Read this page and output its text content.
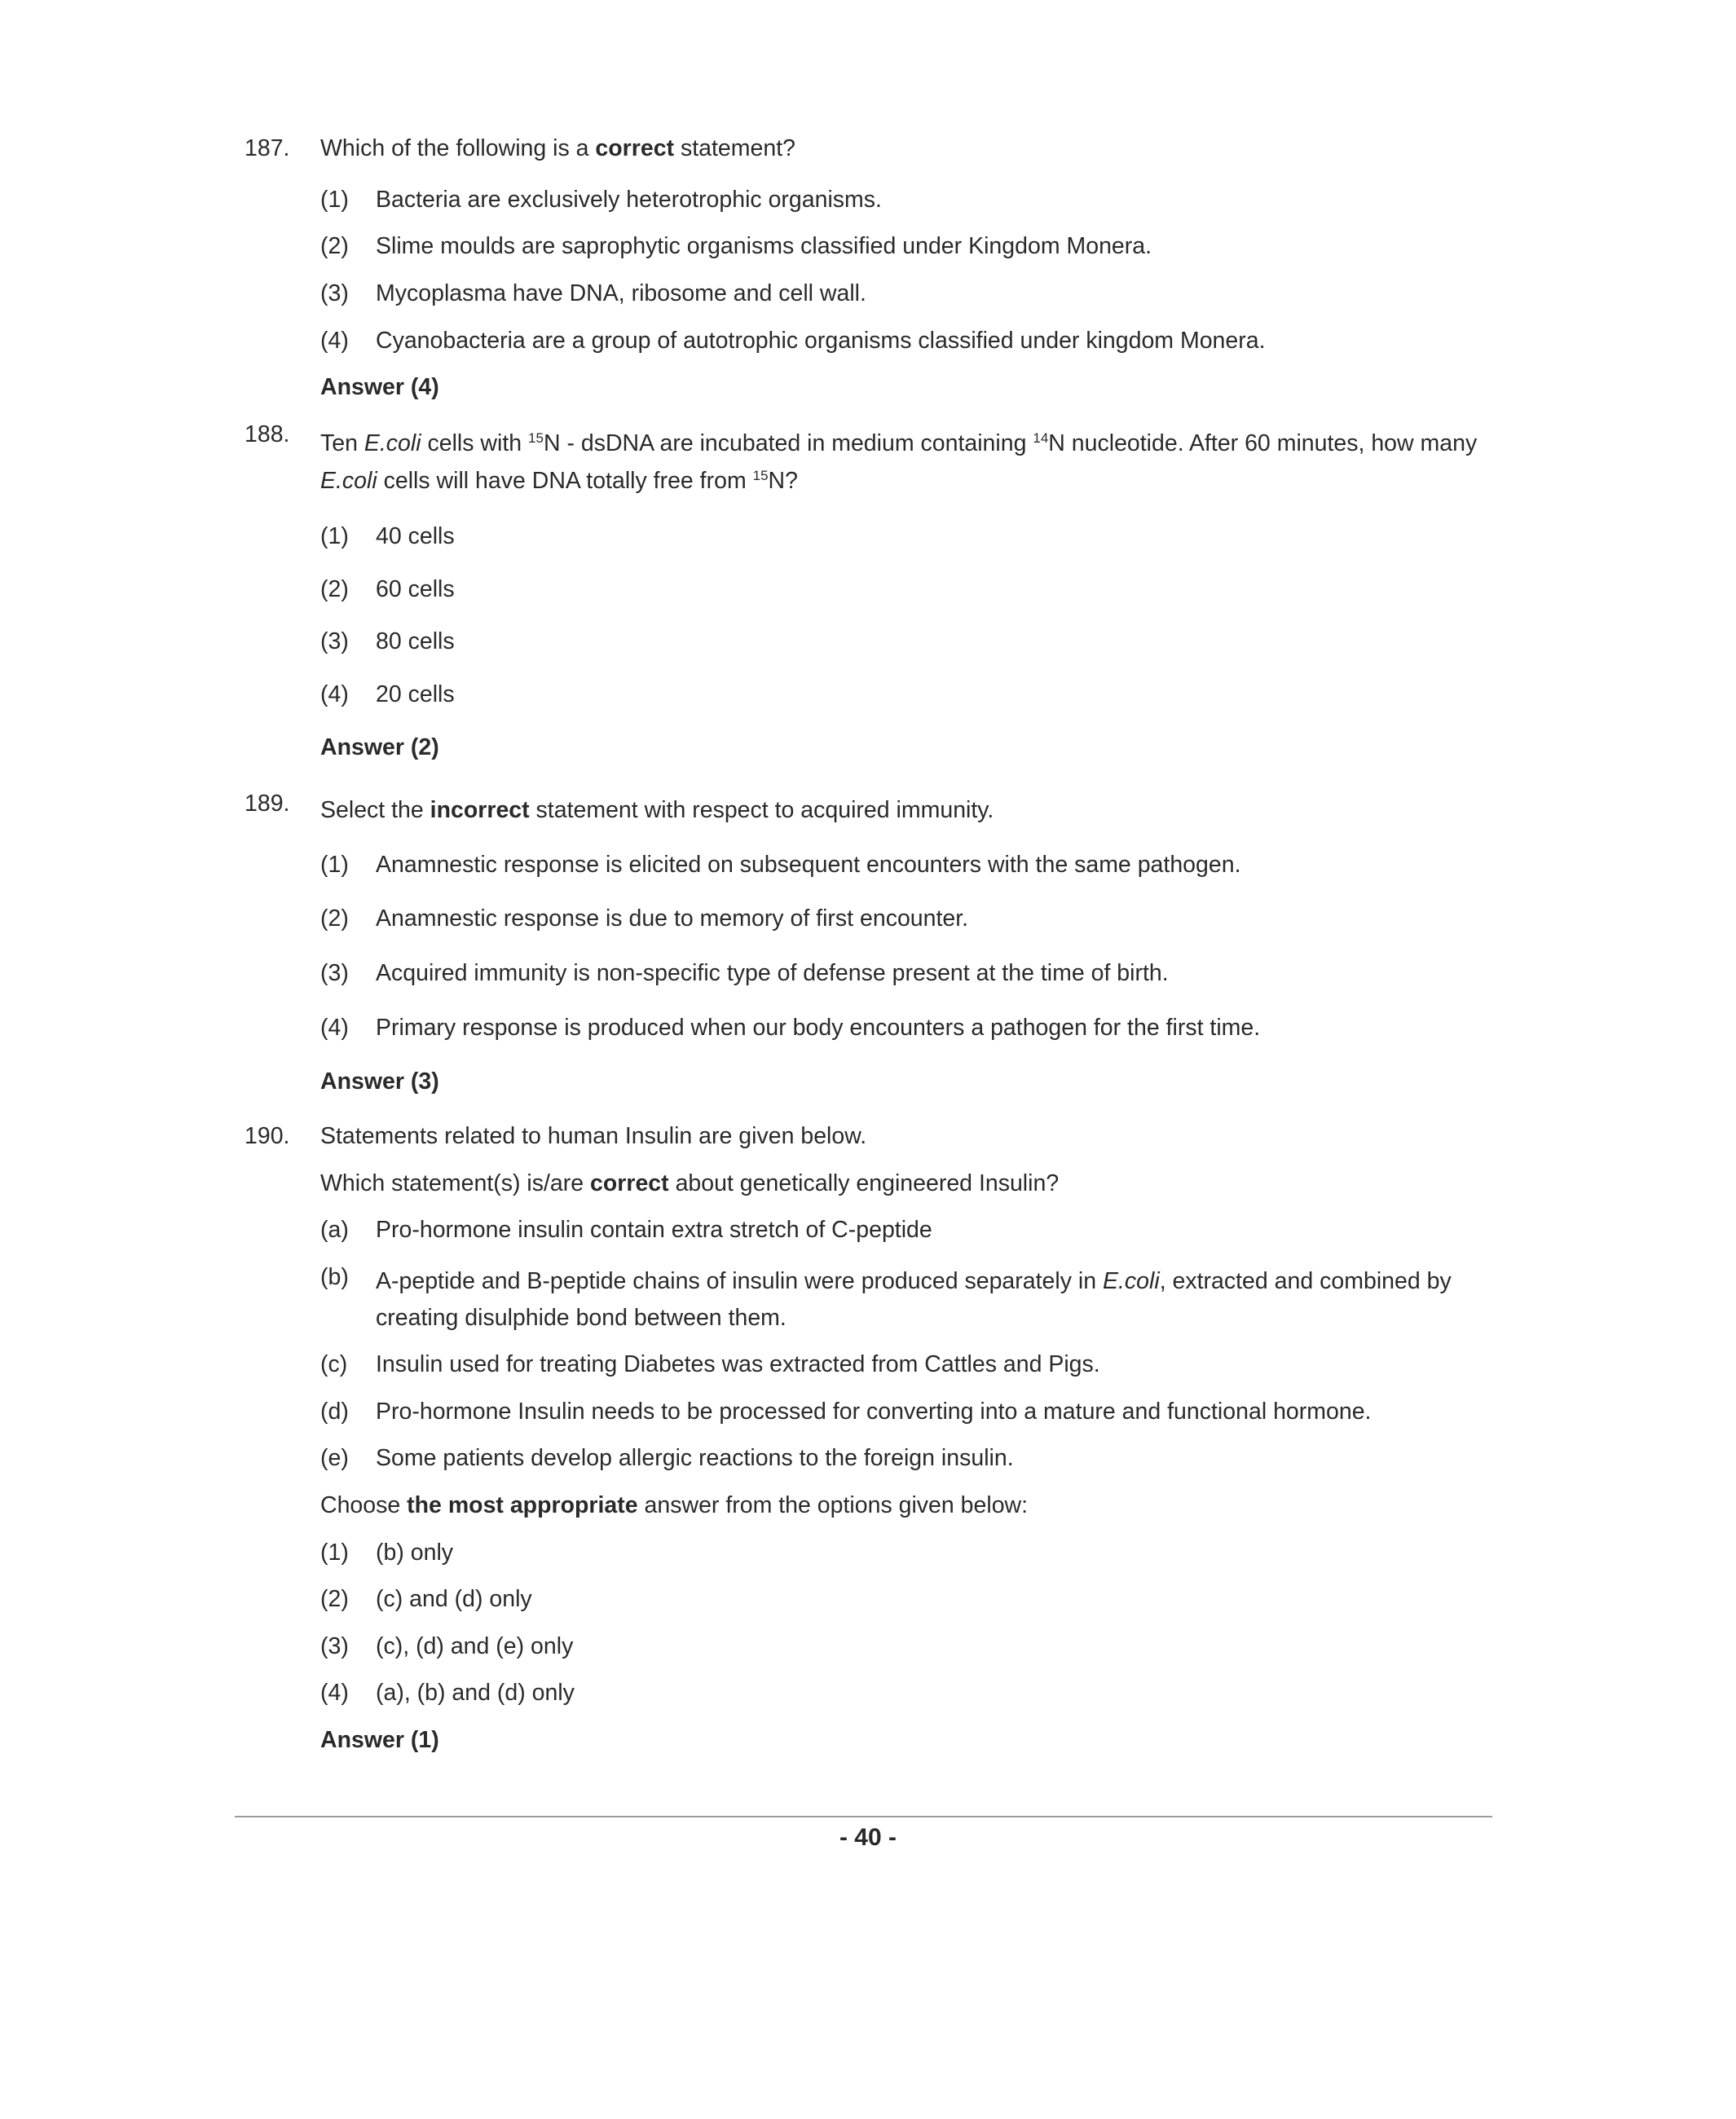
187.	Which of the following is a correct statement?
(1)	Bacteria are exclusively heterotrophic organisms.
(2)	Slime moulds are saprophytic organisms classified under Kingdom Monera.
(3)	Mycoplasma have DNA, ribosome and cell wall.
(4)	Cyanobacteria are a group of autotrophic organisms classified under kingdom Monera.
Answer (4)
188.	Ten E.coli cells with $^{15}$N - dsDNA are incubated in medium containing $^{14}$N nucleotide. After 60 minutes, how many E.coli cells will have DNA totally free from $^{15}$N?
(1)	40 cells
(2)	60 cells
(3)	80 cells
(4)	20 cells
Answer (2)
189.	Select the incorrect statement with respect to acquired immunity.
(1)	Anamnestic response is elicited on subsequent encounters with the same pathogen.
(2)	Anamnestic response is due to memory of first encounter.
(3)	Acquired immunity is non-specific type of defense present at the time of birth.
(4)	Primary response is produced when our body encounters a pathogen for the first time.
Answer (3)
190.	Statements related to human Insulin are given below.
Which statement(s) is/are correct about genetically engineered Insulin?
(a)	Pro-hormone insulin contain extra stretch of C-peptide
(b)	A-peptide and B-peptide chains of insulin were produced separately in E.coli, extracted and combined by creating disulphide bond between them.
(c)	Insulin used for treating Diabetes was extracted from Cattles and Pigs.
(d)	Pro-hormone Insulin needs to be processed for converting into a mature and functional hormone.
(e)	Some patients develop allergic reactions to the foreign insulin.
Choose the most appropriate answer from the options given below:
(1)	(b) only
(2)	(c) and (d) only
(3)	(c), (d) and (e) only
(4)	(a), (b) and (d) only
Answer (1)
- 40 -
